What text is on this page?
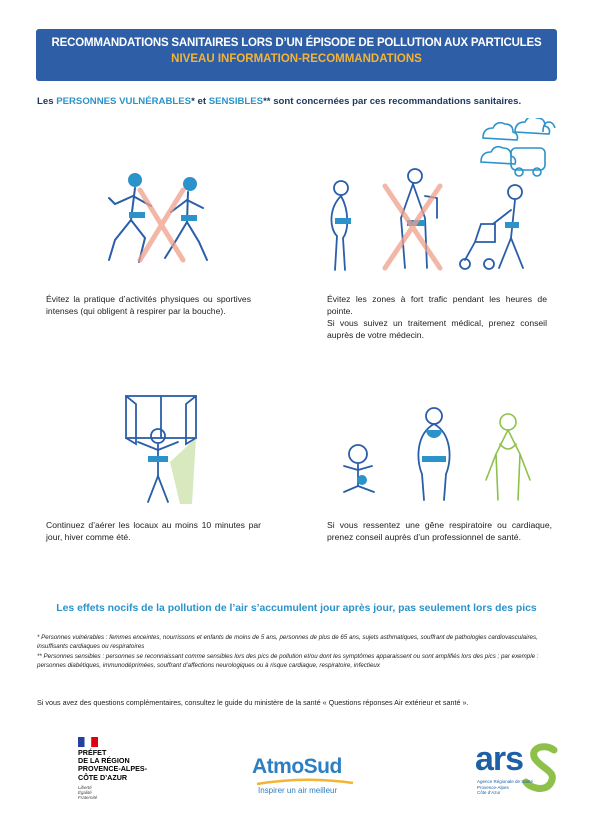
RECOMMANDATIONS SANITAIRES LORS D’UN ÉPISODE DE POLLUTION AUX PARTICULES
NIVEAU INFORMATION-RECOMMANDATIONS
Les PERSONNES VULNÉRABLES* et SENSIBLES** sont concernées par ces recommandations sanitaires.
Évitez la pratique d’activités physiques ou sportives intenses (qui obligent à respirer par la bouche).
Évitez les zones à fort trafic pendant les heures de pointe.
Si vous suivez un traitement médical, prenez conseil auprès de votre médecin.
Continuez d’aérer les locaux au moins 10 minutes par jour, hiver comme été.
Si vous ressentez une gêne respiratoire ou cardiaque, prenez conseil auprès d’un professionnel de santé.
Les effets nocifs de la pollution de l’air s’accumulent jour après jour, pas seulement lors des pics

* Personnes vulnérables : femmes enceintes, nourrissons et enfants de moins de 5 ans, personnes de plus de 65 ans, sujets asthmatiques, souffrant de pathologies cardiovasculaires, insuffisants cardiaques ou respiratoires

** Personnes sensibles : personnes se reconnaissant comme sensibles lors des pics de pollution et/ou dont les symptômes apparaissent ou sont amplifiés lors des pics ; par exemple : personnes diabétiques, immunodéprimées, souffrant d’affections neurologiques ou à risque cardiaque, respiratoire, infectieux

Si vous avez des questions complémentaires, consultez le guide du ministère de la santé « Questions réponses Air extérieur et santé ».
PRÉFET
DE LA RÉGION
PROVENCE-ALPES-
CÔTE D’AZUR
Liberté
Égalité
Fraternité
AtmoSud
Inspirer un air meilleur
ars
Agence Régionale de Santé
Provence-Alpes
Côte d’Azur
